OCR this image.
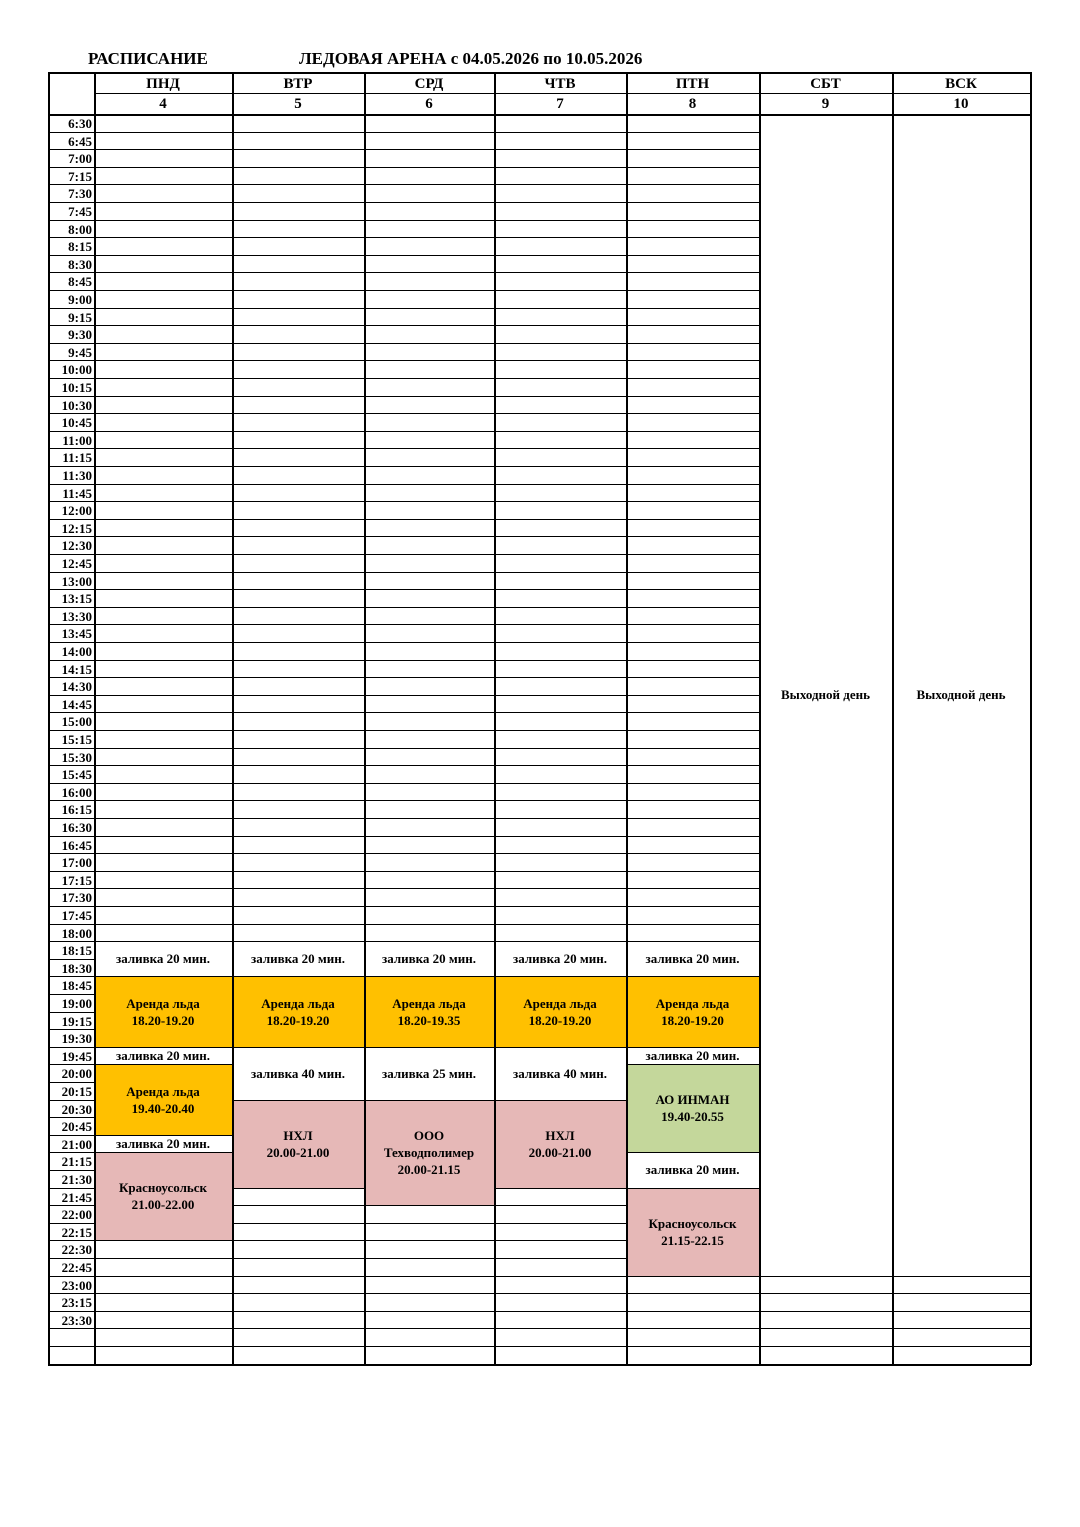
РАСПИСАНИЕ	ЛЕДОВАЯ АРЕНА с 04.05.2026 по 10.05.2026
заливка 20 мин.
Аренда льда
18.20-19.20
заливка 20 мин.
Аренда льда
19.40-20.40
заливка 20 мин.
Красноусольск
21.00-22.00
заливка 20 мин.
Аренда льда
18.20-19.20
заливка 40 мин.
НХЛ
20.00-21.00
заливка 20 мин.
Аренда льда
18.20-19.35
заливка 25 мин.
ООО
Техводполимер
20.00-21.15
заливка 20 мин.
Аренда льда
18.20-19.20
заливка 40 мин.
НХЛ
20.00-21.00
заливка 20 мин.
Аренда льда
18.20-19.20
заливка 20 мин.
АО ИНМАН
19.40-20.55
заливка 20 мин.
Красноусольск
21.15-22.15
Выходной день	Выходной день
ПНД
4
ВТР
5
СРД
6
ЧТВ
7
ПТН
8
СБТ
9
ВСК
10
6:30
6:45
7:00
7:15
7:30
7:45
8:00
8:15
8:30
8:45
9:00
9:15
9:30
9:45
10:00
10:15
10:30
10:45
11:00
11:15
11:30
11:45
12:00
12:15
12:30
12:45
13:00
13:15
13:30
13:45
14:00
14:15
14:30
14:45
15:00
15:15
15:30
15:45
16:00
16:15
16:30
16:45
17:00
17:15
17:30
17:45
18:00
18:15
18:30
18:45
19:00
19:15
19:30
19:45
20:00
20:15
20:30
20:45
21:00
21:15
21:30
21:45
22:00
22:15
22:30
22:45
23:00
23:15
23:30
